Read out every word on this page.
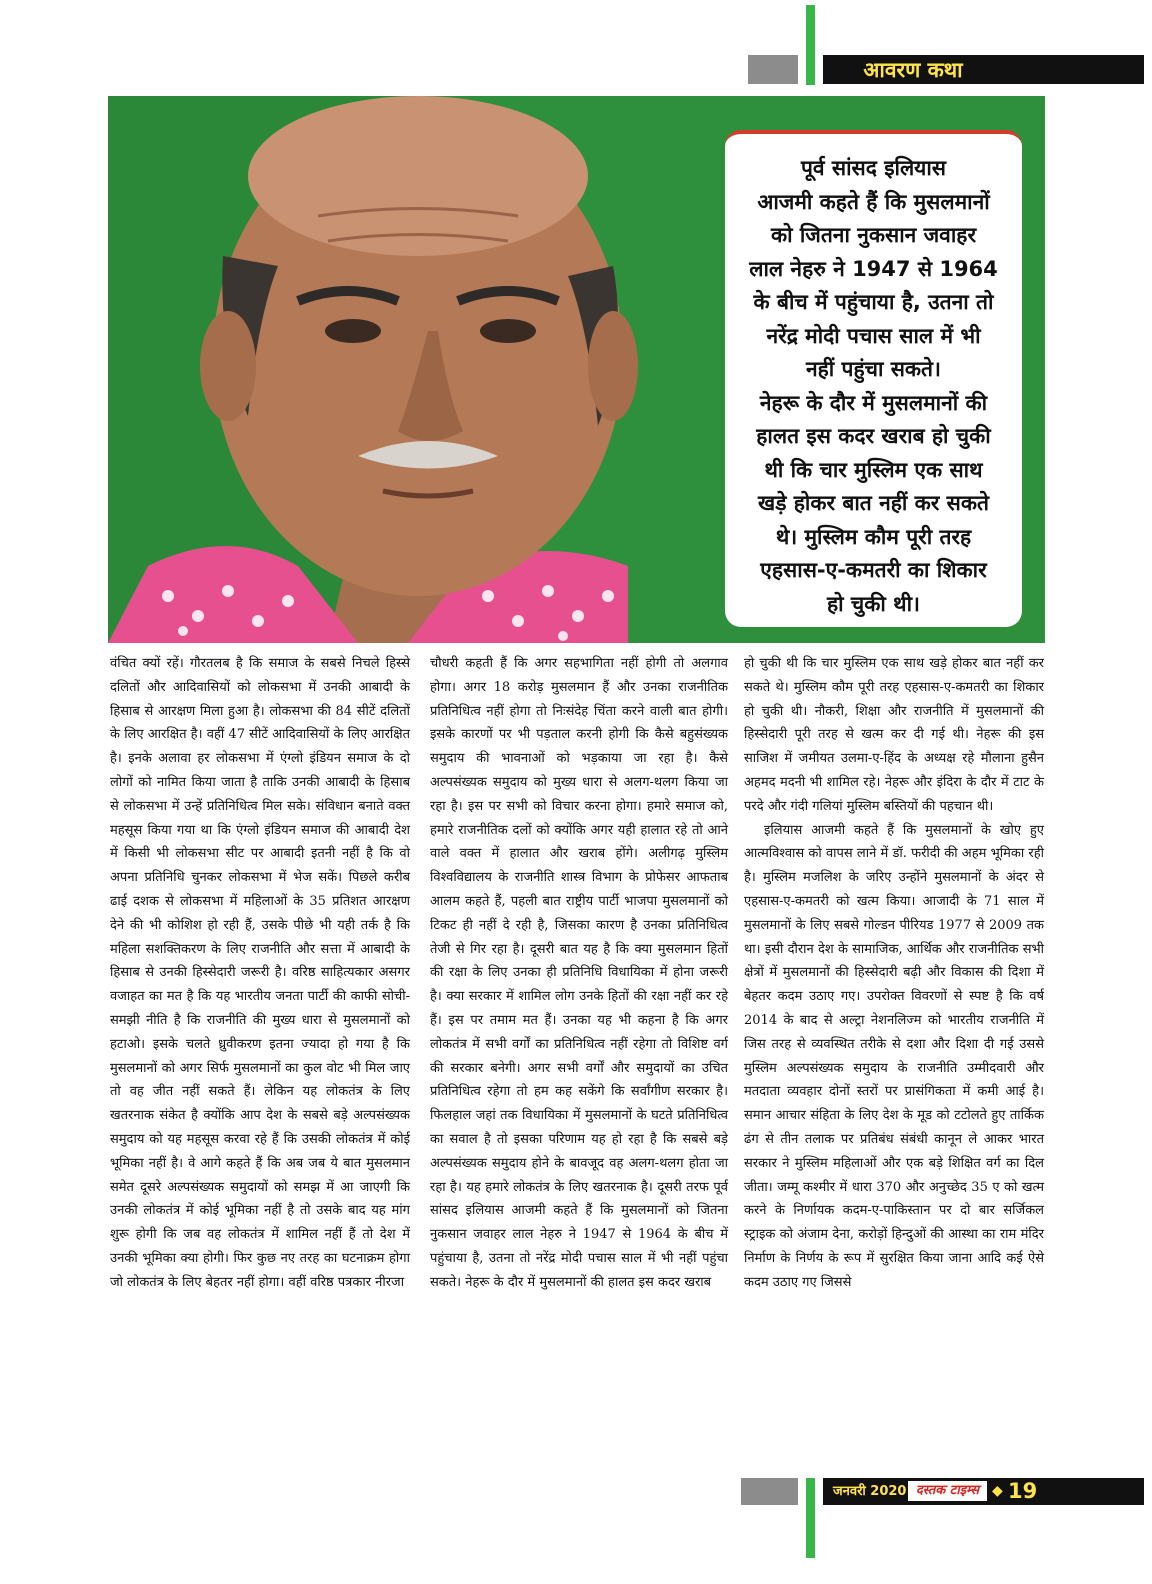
आवरण कथा

पूर्व सांसद इलियास

आजमी कहते हैं कि मुसलमानों

को जितना नुकसान जवाहर

लाल नेहरु ने 1947 से 1964

के बीच में पहुंचाया है, उतना तो

नरेंद्र मोदी पचास साल में भी

नहीं पहुंचा सकते।

नेहरू के दौर में मुसलमानों की

हालत इस कदर खराब हो चुकी

थी कि चार मुस्लिम एक साथ

खड़े होकर बात नहीं कर सकते

थे। मुस्लिम कौम पूरी तरह

एहसास-ए-कमतरी का शिकार

हो चुकी थी।

वंचित क्यों रहें। गौरतलब है कि समाज के सबसे निचले हिस्से दलितों और आदिवासियों को लोकसभा में उनकी आबादी के हिसाब से आरक्षण मिला हुआ है। लोकसभा की 84 सीटें दलितों के लिए आरक्षित है। वहीं 47 सीटें आदिवासियों के लिए आरक्षित है। इनके अलावा हर लोकसभा में एंग्लो इंडियन समाज के दो लोगों को नामित किया जाता है ताकि उनकी आबादी के हिसाब से लोकसभा में उन्हें प्रतिनिधित्व मिल सके। संविधान बनाते वक्त महसूस किया गया था कि एंग्लो इंडियन समाज की आबादी देश में किसी भी लोकसभा सीट पर आबादी इतनी नहीं है कि वो अपना प्रतिनिधि चुनकर लोकसभा में भेज सकें। पिछले करीब ढाई दशक से लोकसभा में महिलाओं के 35 प्रतिशत आरक्षण देने की भी कोशिश हो रही हैं, उसके पीछे भी यही तर्क है कि महिला सशक्तिकरण के लिए राजनीति और सत्ता में आबादी के हिसाब से उनकी हिस्सेदारी जरूरी है। वरिष्ठ साहित्यकार असगर वजाहत का मत है कि यह भारतीय जनता पार्टी की काफी सोची-समझी नीति है कि राजनीति की मुख्य धारा से मुसलमानों को हटाओ। इसके चलते ध्रुवीकरण इतना ज्यादा हो गया है कि मुसलमानों को अगर सिर्फ मुसलमानों का कुल वोट भी मिल जाए तो वह जीत नहीं सकते हैं। लेकिन यह लोकतंत्र के लिए खतरनाक संकेत है क्योंकि आप देश के सबसे बड़े अल्पसंख्यक समुदाय को यह महसूस करवा रहे हैं कि उसकी लोकतंत्र में कोई भूमिका नहीं है। वे आगे कहते हैं कि अब जब ये बात मुसलमान समेत दूसरे अल्पसंख्यक समुदायों को समझ में आ जाएगी कि उनकी लोकतंत्र में कोई भूमिका नहीं है तो उसके बाद यह मांग शुरू होगी कि जब वह लोकतंत्र में शामिल नहीं हैं तो देश में उनकी भूमिका क्या होगी। फिर कुछ नए तरह का घटनाक्रम होगा जो लोकतंत्र के लिए बेहतर नहीं होगा। वहीं वरिष्ठ पत्रकार नीरजा

चौधरी कहती हैं कि अगर सहभागिता नहीं होगी तो अलगाव होगा। अगर 18 करोड़ मुसलमान हैं और उनका राजनीतिक प्रतिनिधित्व नहीं होगा तो निःसंदेह चिंता करने वाली बात होगी। इसके कारणों पर भी पड़ताल करनी होगी कि कैसे बहुसंख्यक समुदाय की भावनाओं को भड़काया जा रहा है। कैसे अल्पसंख्यक समुदाय को मुख्य धारा से अलग-थलग किया जा रहा है। इस पर सभी को विचार करना होगा। हमारे समाज को, हमारे राजनीतिक दलों को क्योंकि अगर यही हालात रहे तो आने वाले वक्त में हालात और खराब होंगे। अलीगढ़ मुस्लिम विश्वविद्यालय के राजनीति शास्त्र विभाग के प्रोफेसर आफताब आलम कहते हैं, पहली बात राष्ट्रीय पार्टी भाजपा मुसलमानों को टिकट ही नहीं दे रही है, जिसका कारण है उनका प्रतिनिधित्व तेजी से गिर रहा है। दूसरी बात यह है कि क्या मुसलमान हितों की रक्षा के लिए उनका ही प्रतिनिधि विधायिका में होना जरूरी है। क्या सरकार में शामिल लोग उनके हितों की रक्षा नहीं कर रहे हैं। इस पर तमाम मत हैं। उनका यह भी कहना है कि अगर लोकतंत्र में सभी वर्गों का प्रतिनिधित्व नहीं रहेगा तो विशिष्ट वर्ग की सरकार बनेगी। अगर सभी वर्गों और समुदायों का उचित प्रतिनिधित्व रहेगा तो हम कह सकेंगे कि सर्वांगीण सरकार है। फिलहाल जहां तक विधायिका में मुसलमानों के घटते प्रतिनिधित्व का सवाल है तो इसका परिणाम यह हो रहा है कि सबसे बड़े अल्पसंख्यक समुदाय होने के बावजूद वह अलग-थलग होता जा रहा है। यह हमारे लोकतंत्र के लिए खतरनाक है। दूसरी तरफ पूर्व सांसद इलियास आजमी कहते हैं कि मुसलमानों को जितना नुकसान जवाहर लाल नेहरु ने 1947 से 1964 के बीच में पहुंचाया है, उतना तो नरेंद्र मोदी पचास साल में भी नहीं पहुंचा सकते। नेहरू के दौर में मुसलमानों की हालत इस कदर खराब

हो चुकी थी कि चार मुस्लिम एक साथ खड़े होकर बात नहीं कर सकते थे। मुस्लिम कौम पूरी तरह एहसास-ए-कमतरी का शिकार हो चुकी थी। नौकरी, शिक्षा और राजनीति में मुसलमानों की हिस्सेदारी पूरी तरह से खत्म कर दी गई थी। नेहरू की इस साजिश में जमीयत उलमा-ए-हिंद के अध्यक्ष रहे मौलाना हुसैन अहमद मदनी भी शामिल रहे। नेहरू और इंदिरा के दौर में टाट के परदे और गंदी गलियां मुस्लिम बस्तियों की पहचान थी।

इलियास आजमी कहते हैं कि मुसलमानों के खोए हुए आत्मविश्वास को वापस लाने में डॉ. फरीदी की अहम भूमिका रही है। मुस्लिम मजलिश के जरिए उन्होंने मुसलमानों के अंदर से एहसास-ए-कमतरी को खत्म किया। आजादी के 71 साल में मुसलमानों के लिए सबसे गोल्डन पीरियड 1977 से 2009 तक था। इसी दौरान देश के सामाजिक, आर्थिक और राजनीतिक सभी क्षेत्रों में मुसलमानों की हिस्सेदारी बढ़ी और विकास की दिशा में बेहतर कदम उठाए गए। उपरोक्त विवरणों से स्पष्ट है कि वर्ष 2014 के बाद से अल्ट्रा नेशनलिज्म को भारतीय राजनीति में जिस तरह से व्यवस्थित तरीके से दशा और दिशा दी गई उससे मुस्लिम अल्पसंख्यक समुदाय के राजनीति उम्मीदवारी और मतदाता व्यवहार दोनों स्तरों पर प्रासंगिकता में कमी आई है। समान आचार संहिता के लिए देश के मूड को टटोलते हुए तार्किक ढंग से तीन तलाक पर प्रतिबंध संबंधी कानून ले आकर भारत सरकार ने मुस्लिम महिलाओं और एक बड़े शिक्षित वर्ग का दिल जीता। जम्मू कश्मीर में धारा 370 और अनुच्छेद 35 ए को खत्म करने के निर्णायक कदम-ए-पाकिस्तान पर दो बार सर्जिकल स्ट्राइक को अंजाम देना, करोड़ों हिन्दुओं की आस्था का राम मंदिर निर्माण के निर्णय के रूप में सुरक्षित किया जाना आदि कई ऐसे कदम उठाए गए जिससे

जनवरी 2020 दस्तक टाइम्स ◆ 19
